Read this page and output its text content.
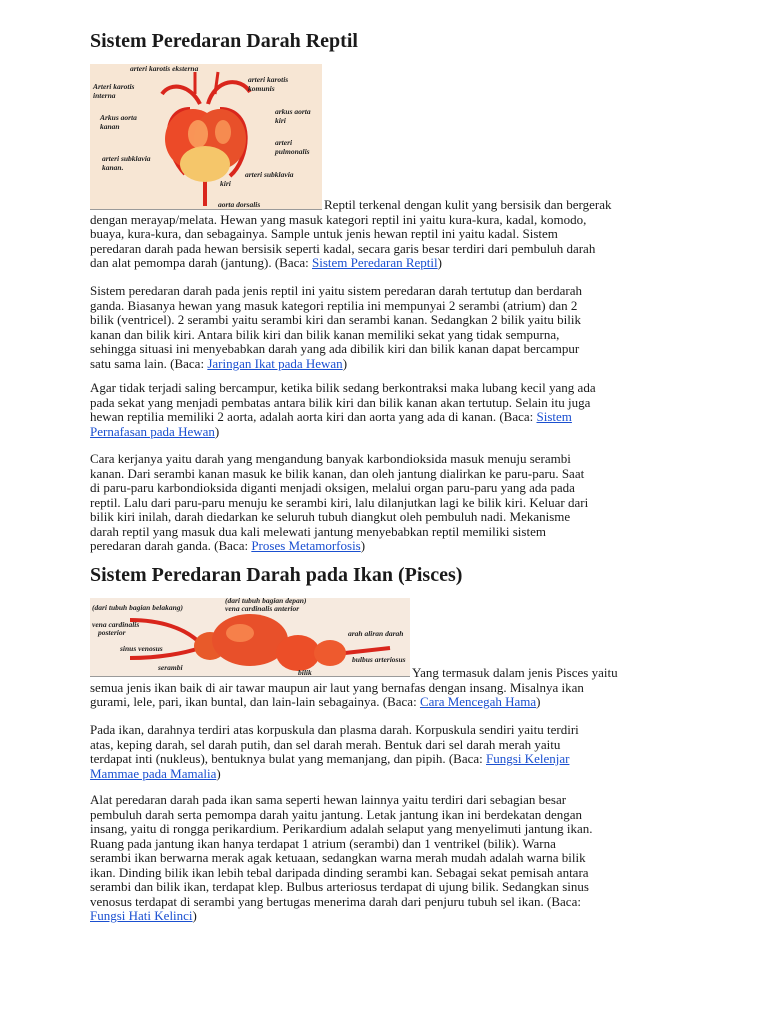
Sistem Peredaran Darah Reptil
arteri karotis eksterna
Arteri karotis
interna
arteri karotis
komunis
Arkus aorta
kanan
arkus aorta
kiri
arteri
pulmonalis
arteri subklavia
kanan.
arteri subklavia
kiri
aorta dorsalis	Reptil terkenal dengan kulit yang bersisik dan bergerak
dengan merayap/melata. Hewan yang masuk kategori reptil ini yaitu kura-kura, kadal, komodo,
buaya, kura-kura, dan sebagainya. Sample untuk jenis hewan reptil ini yaitu kadal. Sistem
peredaran darah pada hewan bersisik seperti kadal, secara garis besar terdiri dari pembuluh darah
dan alat pemompa darah (jantung). (Baca: Sistem Peredaran Reptil)
Sistem peredaran darah pada jenis reptil ini yaitu sistem peredaran darah tertutup dan berdarah
ganda. Biasanya hewan yang masuk kategori reptilia ini mempunyai 2 serambi (atrium) dan 2
bilik (ventricel). 2 serambi yaitu serambi kiri dan serambi kanan. Sedangkan 2 bilik yaitu bilik
kanan dan bilik kiri. Antara bilik kiri dan bilik kanan memiliki sekat yang tidak sempurna,
sehingga situasi ini menyebabkan darah yang ada dibilik kiri dan bilik kanan dapat bercampur
satu sama lain. (Baca: Jaringan Ikat pada Hewan)
Agar tidak terjadi saling bercampur, ketika bilik sedang berkontraksi maka lubang kecil yang ada
pada sekat yang menjadi pembatas antara bilik kiri dan bilik kanan akan tertutup. Selain itu juga
hewan reptilia memiliki 2 aorta, adalah aorta kiri dan aorta yang ada di kanan. (Baca: Sistem
Pernafasan pada Hewan)
Cara kerjanya yaitu darah yang mengandung banyak karbondioksida masuk menuju serambi
kanan. Dari serambi kanan masuk ke bilik kanan, dan oleh jantung dialirkan ke paru-paru. Saat
di paru-paru karbondioksida diganti menjadi oksigen, melalui organ paru-paru yang ada pada
reptil. Lalu dari paru-paru menuju ke serambi kiri, lalu dilanjutkan lagi ke bilik kiri. Keluar dari
bilik kiri inilah, darah diedarkan ke seluruh tubuh diangkut oleh pembuluh nadi. Mekanisme
darah reptil yang masuk dua kali melewati jantung menyebabkan reptil memiliki sistem
peredaran darah ganda. (Baca: Proses Metamorfosis)
Sistem Peredaran Darah pada Ikan (Pisces)
(dari tubuh bagian belakang)
(dari tubuh bagian depan)
vena cardinalis anterior
vena cardinalis
posterior
sinus venosus
serambi
bilik
arah aliran darah
bulbus arteriosus
Yang termasuk dalam jenis Pisces yaitu
semua jenis ikan baik di air tawar maupun air laut yang bernafas dengan insang. Misalnya ikan
gurami, lele, pari, ikan buntal, dan lain-lain sebagainya. (Baca: Cara Mencegah Hama)
Pada ikan, darahnya terdiri atas korpuskula dan plasma darah. Korpuskula sendiri yaitu terdiri
atas, keping darah, sel darah putih, dan sel darah merah. Bentuk dari sel darah merah yaitu
terdapat inti (nukleus), bentuknya bulat yang memanjang, dan pipih. (Baca: Fungsi Kelenjar
Mammae pada Mamalia)
Alat peredaran darah pada ikan sama seperti hewan lainnya yaitu terdiri dari sebagian besar
pembuluh darah serta pemompa darah yaitu jantung. Letak jantung ikan ini berdekatan dengan
insang, yaitu di rongga perikardium. Perikardium adalah selaput yang menyelimuti jantung ikan.
Ruang pada jantung ikan hanya terdapat 1 atrium (serambi) dan 1 ventrikel (bilik). Warna
serambi ikan berwarna merak agak ketuaan, sedangkan warna merah mudah adalah warna bilik
ikan. Dinding bilik ikan lebih tebal daripada dinding serambi kan. Sebagai sekat pemisah antara
serambi dan bilik ikan, terdapat klep. Bulbus arteriosus terdapat di ujung bilik. Sedangkan sinus
venosus terdapat di serambi yang bertugas menerima darah dari penjuru tubuh sel ikan. (Baca:
Fungsi Hati Kelinci)
